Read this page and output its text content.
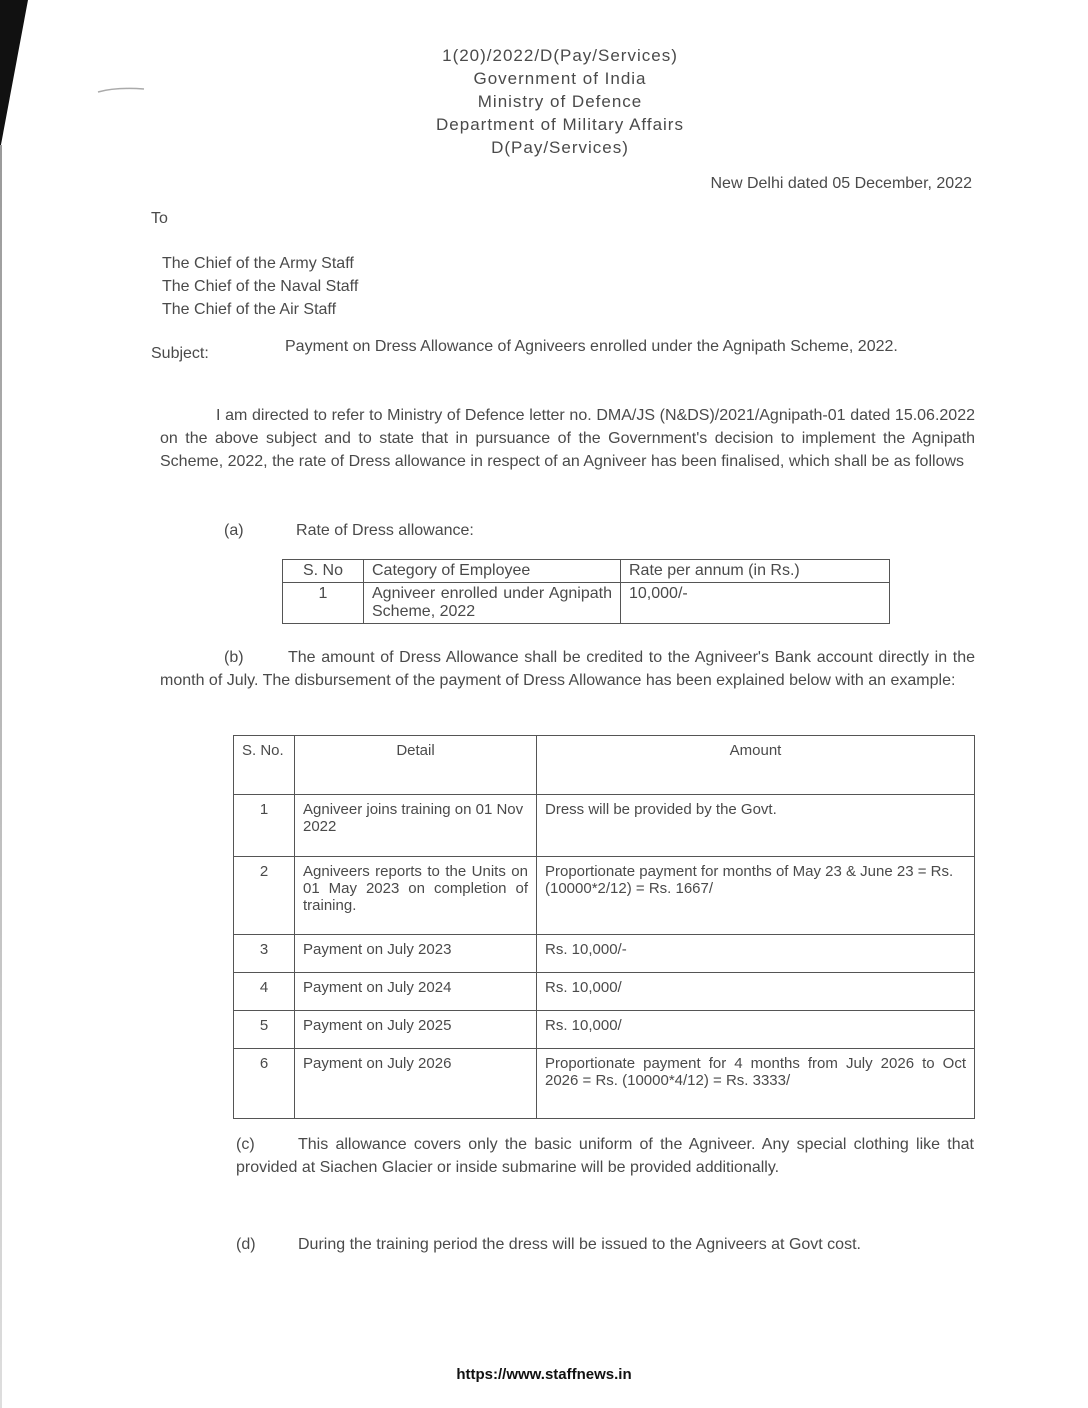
1(20)/2022/D(Pay/Services)
Government of India
Ministry of Defence
Department of Military Affairs
D(Pay/Services)
New Delhi dated 05 December, 2022
To
The Chief of the Army Staff
The Chief of the Naval Staff
The Chief of the Air Staff
Subject:	Payment on Dress Allowance of Agniveers enrolled under the Agnipath Scheme, 2022.
I am directed to refer to Ministry of Defence letter no. DMA/JS (N&DS)/2021/Agnipath-01 dated 15.06.2022 on the above subject and to state that in pursuance of the Government's decision to implement the Agnipath Scheme, 2022, the rate of Dress allowance in respect of an Agniveer has been finalised, which shall be as follows
(a)	Rate of Dress allowance:
S. No	Category of Employee	Rate per annum (in Rs.)
1	Agniveer enrolled under Agnipath Scheme, 2022	10,000/-
(b)	The amount of Dress Allowance shall be credited to the Agniveer's Bank account directly in the month of July. The disbursement of the payment of Dress Allowance has been explained below with an example:
S. No.	Detail	Amount
1	Agniveer joins training on 01 Nov 2022	Dress will be provided by the Govt.
2	Agniveers reports to the Units on 01 May 2023 on completion of training.	Proportionate payment for months of May 23 & June 23 = Rs. (10000*2/12) = Rs. 1667/
3	Payment on July 2023	Rs. 10,000/-
4	Payment on July 2024	Rs. 10,000/
5	Payment on July 2025	Rs. 10,000/
6	Payment on July 2026	Proportionate payment for 4 months from July 2026 to Oct 2026 = Rs. (10000*4/12) = Rs. 3333/
(c)	This allowance covers only the basic uniform of the Agniveer. Any special clothing like that provided at Siachen Glacier or inside submarine will be provided additionally.
(d)	During the training period the dress will be issued to the Agniveers at Govt cost.
https://www.staffnews.in
